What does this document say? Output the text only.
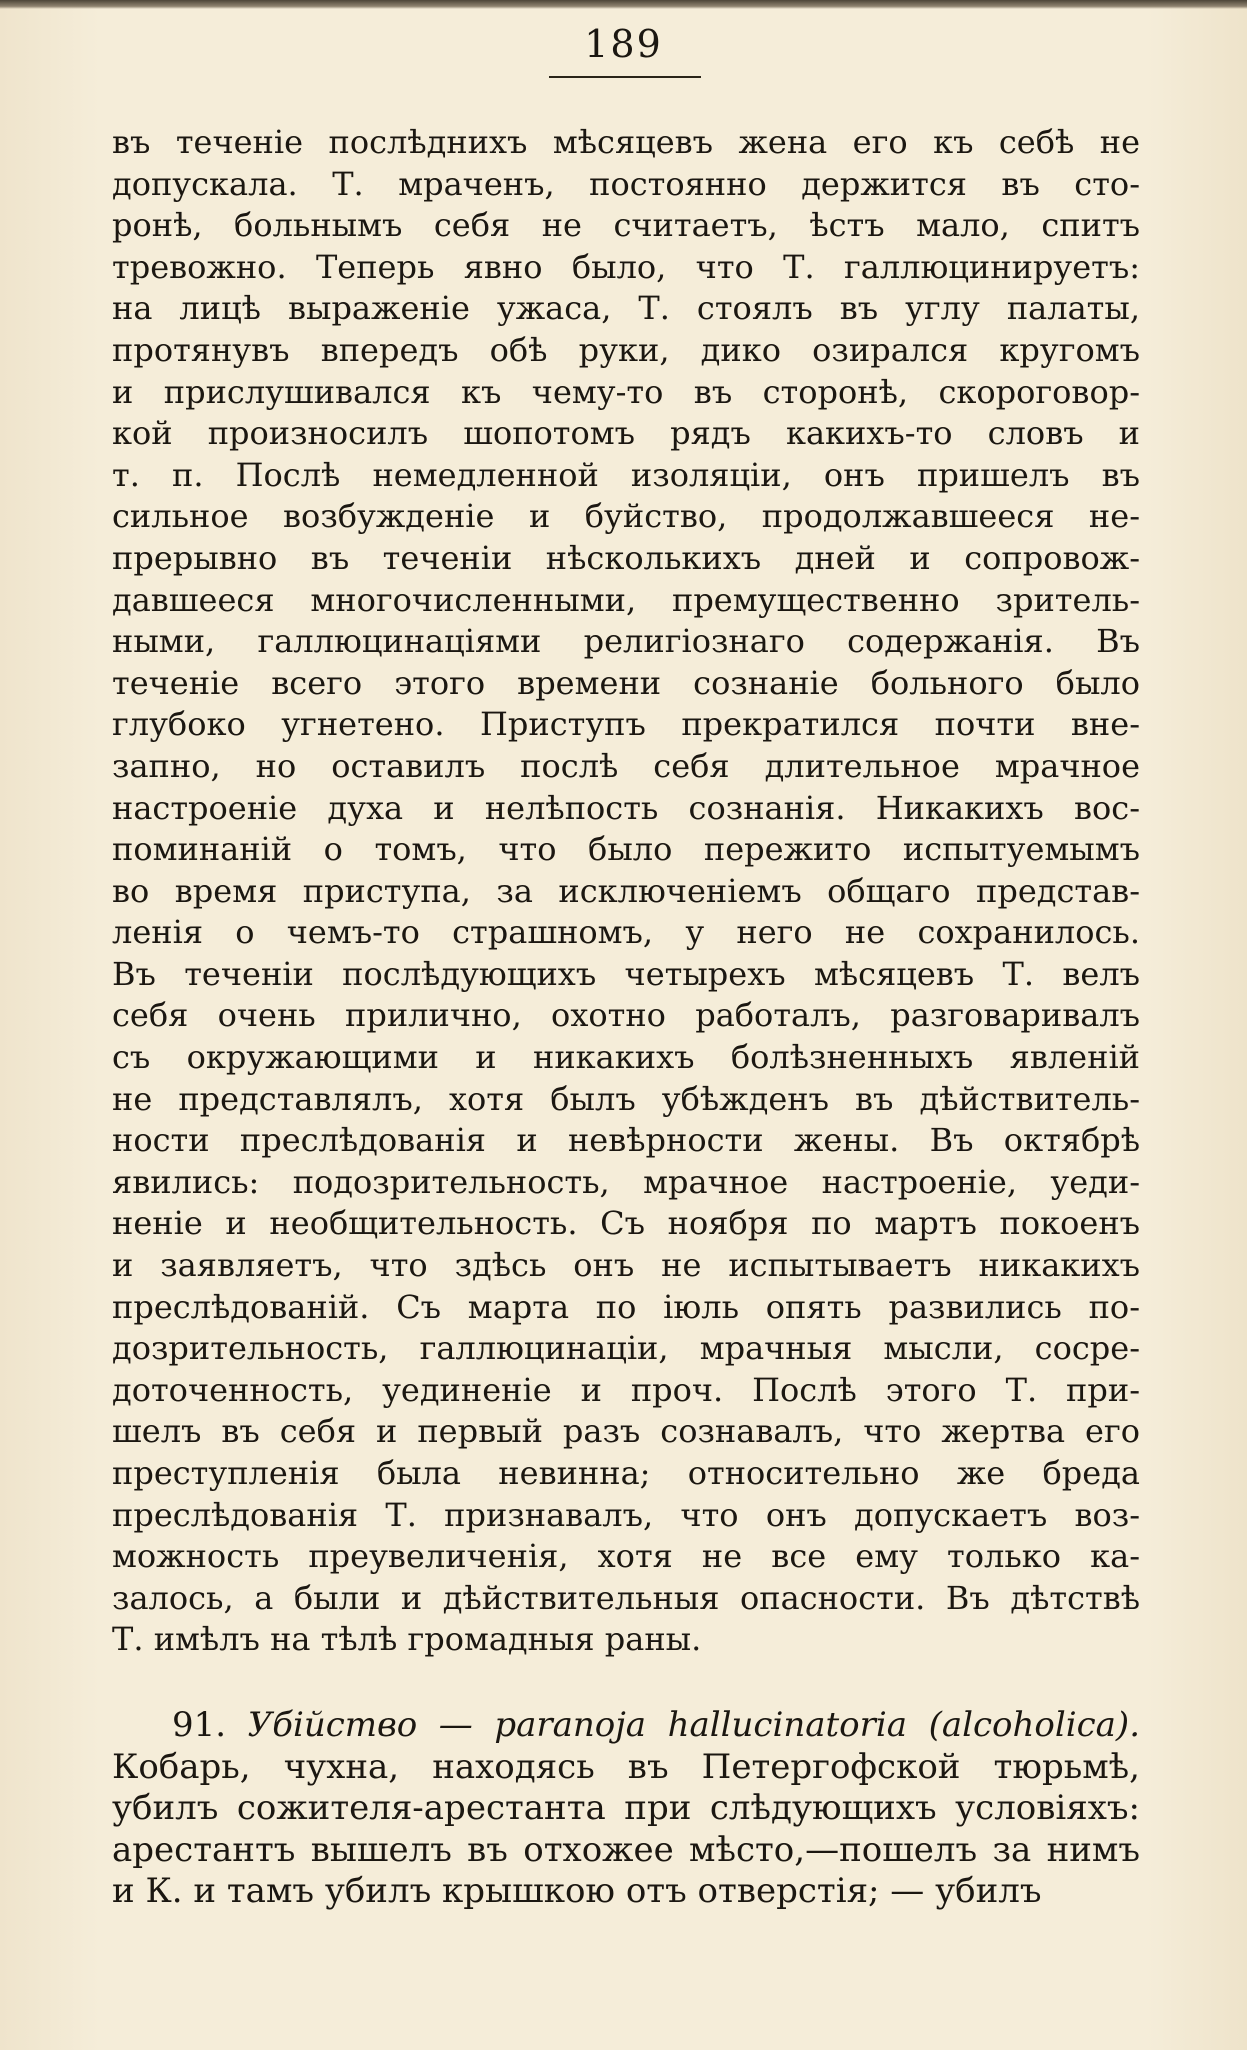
189
въ теченіе послѣднихъ мѣсяцевъ жена его къ себѣ не
допускала. Т. мраченъ, постоянно держится въ сто-
ронѣ, больнымъ себя не считаетъ, ѣстъ мало, спитъ
тревожно. Теперь явно было, что Т. галлюцинируетъ:
на лицѣ выраженіе ужаса, Т. стоялъ въ углу палаты,
протянувъ впередъ обѣ руки, дико озирался кругомъ
и прислушивался къ чему-то въ сторонѣ, скороговор-
кой произносилъ шопотомъ рядъ какихъ-то словъ и
т. п. Послѣ немедленной изоляціи, онъ пришелъ въ
сильное возбужденіе и буйство, продолжавшееся не-
прерывно въ теченіи нѣсколькихъ дней и сопровож-
давшееся многочисленными, премущественно зритель-
ными, галлюцинаціями религіознаго содержанія. Въ
теченіе всего этого времени сознаніе больного было
глубоко угнетено. Приступъ прекратился почти вне-
запно, но оставилъ послѣ себя длительное мрачное
настроеніе духа и нелѣпость сознанія. Никакихъ вос-
поминаній о томъ, что было пережито испытуемымъ
во время приступа, за исключеніемъ общаго представ-
ленія о чемъ-то страшномъ, у него не сохранилось.
Въ теченіи послѣдующихъ четырехъ мѣсяцевъ Т. велъ
себя очень прилично, охотно работалъ, разговаривалъ
съ окружающими и никакихъ болѣзненныхъ явленій
не представлялъ, хотя былъ убѣжденъ въ дѣйствитель-
ности преслѣдованія и невѣрности жены. Въ октябрѣ
явились: подозрительность, мрачное настроеніе, уеди-
неніе и необщительность. Съ ноября по мартъ покоенъ
и заявляетъ, что здѣсь онъ не испытываетъ никакихъ
преслѣдованій. Съ марта по іюль опять развились по-
дозрительность, галлюцинаціи, мрачныя мысли, сосре-
доточенность, уединеніе и проч. Послѣ этого Т. при-
шелъ въ себя и первый разъ сознавалъ, что жертва его
преступленія была невинна; относительно же бреда
преслѣдованія Т. признавалъ, что онъ допускаетъ воз-
можность преувеличенія, хотя не все ему только ка-
залось, а были и дѣйствительныя опасности. Въ дѣтствѣ
Т. имѣлъ на тѣлѣ громадныя раны.
91. Убійство — paranoja hallucinatoria (alcoholica).
Кобарь, чухна, находясь въ Петергофской тюрьмѣ,
убилъ сожителя-арестанта при слѣдующихъ условіяхъ:
арестантъ вышелъ въ отхожее мѣсто,—пошелъ за нимъ
и К. и тамъ убилъ крышкою отъ отверстія; — убилъ
